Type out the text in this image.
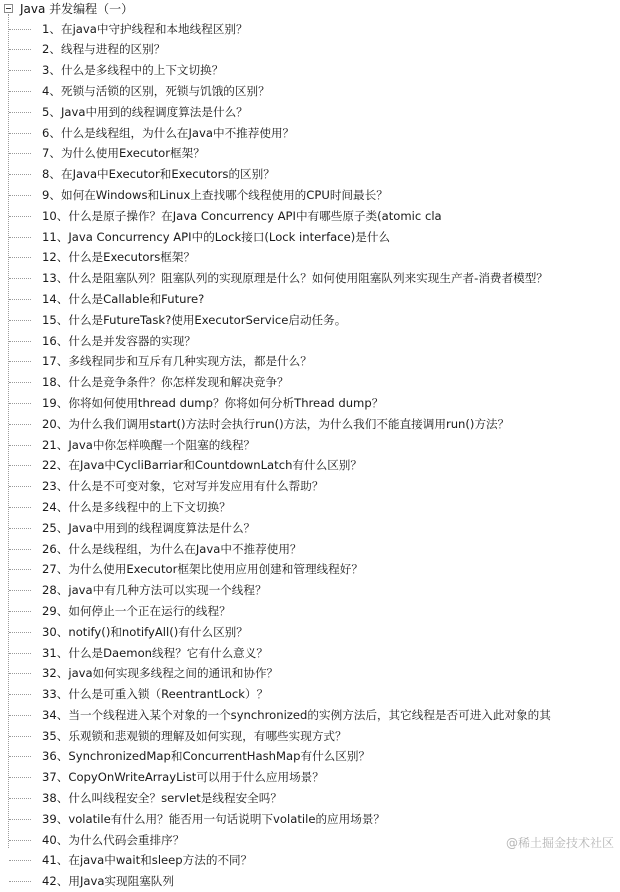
Java 并发编程（一）
1、在java中守护线程和本地线程区别？
2、线程与进程的区别？
3、什么是多线程中的上下文切换？
4、死锁与活锁的区别，死锁与饥饿的区别？
5、Java中用到的线程调度算法是什么？
6、什么是线程组，为什么在Java中不推荐使用？
7、为什么使用Executor框架？
8、在Java中Executor和Executors的区别？
9、如何在Windows和Linux上查找哪个线程使用的CPU时间最长？
10、什么是原子操作？在Java Concurrency API中有哪些原子类(atomic cla
11、Java Concurrency API中的Lock接口(Lock interface)是什么
12、什么是Executors框架？
13、什么是阻塞队列？阻塞队列的实现原理是什么？如何使用阻塞队列来实现生产者-消费者模型？
14、什么是Callable和Future?
15、什么是FutureTask?使用ExecutorService启动任务。
16、什么是并发容器的实现？
17、多线程同步和互斥有几种实现方法，都是什么？
18、什么是竞争条件？你怎样发现和解决竞争？
19、你将如何使用thread dump？你将如何分析Thread dump？
20、为什么我们调用start()方法时会执行run()方法，为什么我们不能直接调用run()方法？
21、Java中你怎样唤醒一个阻塞的线程？
22、在Java中CycliBarriar和CountdownLatch有什么区别？
23、什么是不可变对象，它对写并发应用有什么帮助？
24、什么是多线程中的上下文切换？
25、Java中用到的线程调度算法是什么？
26、什么是线程组，为什么在Java中不推荐使用？
27、为什么使用Executor框架比使用应用创建和管理线程好？
28、java中有几种方法可以实现一个线程？
29、如何停止一个正在运行的线程？
30、notify()和notifyAll()有什么区别？
31、什么是Daemon线程？它有什么意义？
32、java如何实现多线程之间的通讯和协作？
33、什么是可重入锁（ReentrantLock）？
34、当一个线程进入某个对象的一个synchronized的实例方法后，其它线程是否可进入此对象的其
35、乐观锁和悲观锁的理解及如何实现，有哪些实现方式？
36、SynchronizedMap和ConcurrentHashMap有什么区别？
37、CopyOnWriteArrayList可以用于什么应用场景？
38、什么叫线程安全？servlet是线程安全吗？
39、volatile有什么用？能否用一句话说明下volatile的应用场景？
40、为什么代码会重排序？
41、在java中wait和sleep方法的不同？
42、用Java实现阻塞队列
@稀土掘金技术社区
